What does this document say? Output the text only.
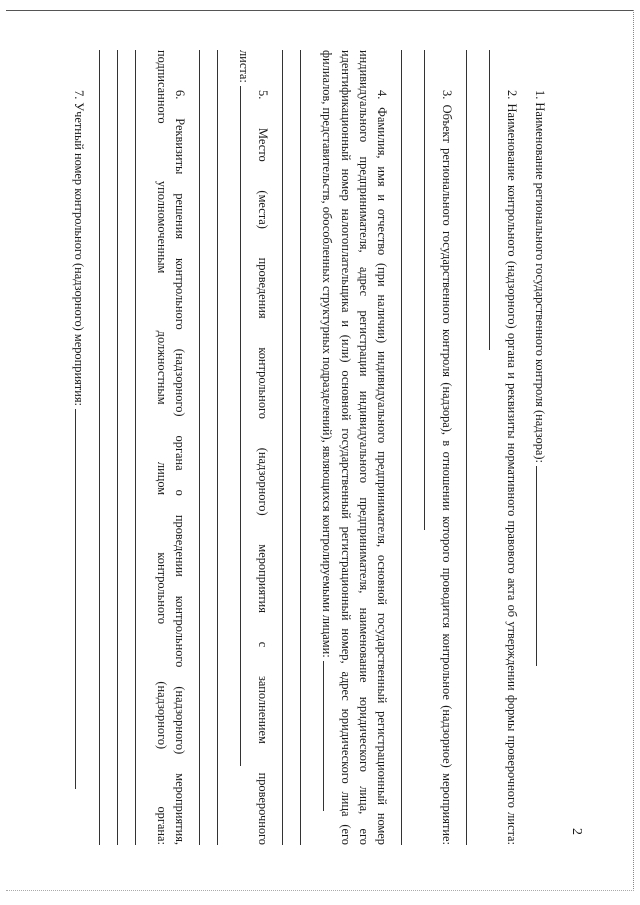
2

1. Наименование регионального государственного контроля (надзора):

2. Наименование контрольного (надзорного) органа и реквизиты нормативного правового акта об утверждении формы проверочного листа:

3. Объект регионального государственного контроля (надзора), в отношении которого проводится контрольное (надзорное) мероприятие:

4. Фамилия, имя и отчество (при наличии) индивидуального предпринимателя, основной государственный регистрационный номер индивидуального предпринимателя, адрес регистрации индивидуального предпринимателя, наименование юридического лица, его идентификационный номер налогоплательщика и (или) основной государственный регистрационный номер, адрес юридического лица (его филиалов, представительств, обособленных структурных подразделений), являющихся контролируемыми лицами:

5. Место (места) проведения контрольного (надзорного) мероприятия с заполнением проверочного

листа:

6. Реквизиты решения контрольного (надзорного) органа о проведении контрольного (надзорного) мероприятия,

подписанного уполномоченным должностным лицом контрольного (надзорного) органа:

7. Учетный номер контрольного (надзорного) мероприятия:
